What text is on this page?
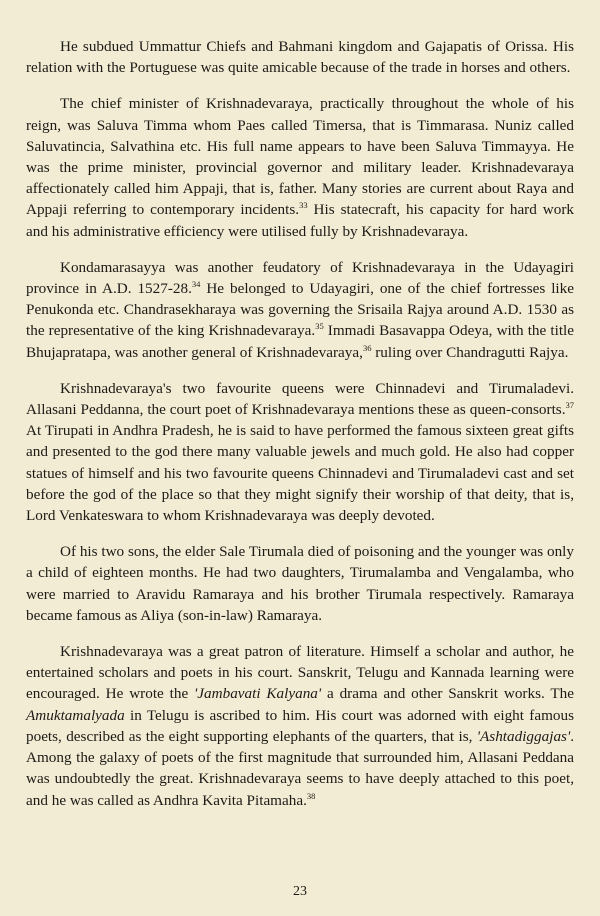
He subdued Ummattur Chiefs and Bahmani kingdom and Gajapatis of Orissa. His relation with the Portuguese was quite amicable because of the trade in horses and others.

The chief minister of Krishnadevaraya, practically throughout the whole of his reign, was Saluva Timma whom Paes called Timersa, that is Timmarasa. Nuniz called Saluvatincia, Salvathina etc. His full name appears to have been Saluva Timmayya. He was the prime minister, provincial governor and military leader. Krishnadevaraya affectionately called him Appaji, that is, father. Many stories are current about Raya and Appaji referring to contemporary incidents.$^{33}$ His statecraft, his capacity for hard work and his administrative efficiency were utilised fully by Krishnadevaraya.

Kondamarasayya was another feudatory of Krishnadevaraya in the Udayagiri province in A.D. 1527-28.34 He belonged to Udayagiri, one of the chief fortresses like Penukonda etc. Chandrasekharaya was governing the Srisaila Rajya around A.D. 1530 as the representative of the king Krishnadevaraya.$^{35}$ Immadi Basavappa Odeya, with the title Bhujapratapa, was another general of Krishnadevaraya,$^{36}$ ruling over Chandragutti Rajya.

Krishnadevaraya's two favourite queens were Chinnadevi and Tirumaladevi. Allasani Peddanna, the court poet of Krishnadevaraya mentions these as queen-consorts.$^{37}$ At Tirupati in Andhra Pradesh, he is said to have performed the famous sixteen great gifts and presented to the god there many valuable jewels and much gold. He also had copper statues of himself and his two favourite queens Chinnadevi and Tirumaladevi cast and set before the god of the place so that they might signify their worship of that deity, that is, Lord Venkateswara to whom Krishnadevaraya was deeply devoted.

Of his two sons, the elder Sale Tirumala died of poisoning and the younger was only a child of eighteen months. He had two daughters, Tirumalamba and Vengalamba, who were married to Aravidu Ramaraya and his brother Tirumala respectively. Ramaraya became famous as Aliya (son-in-law) Ramaraya.

Krishnadevaraya was a great patron of literature. Himself a scholar and author, he entertained scholars and poets in his court. Sanskrit, Telugu and Kannada learning were encouraged. He wrote the 'Jambavati Kalyana' a drama and other Sanskrit works. The Amuktamalyada in Telugu is ascribed to him. His court was adorned with eight famous poets, described as the eight supporting elephants of the quarters, that is, 'Ashtadiggajas'. Among the galaxy of poets of the first magnitude that surrounded him, Allasani Peddana was undoubtedly the great. Krishnadevaraya seems to have deeply attached to this poet, and he was called as Andhra Kavita Pitamaha.$^{38}$

23
